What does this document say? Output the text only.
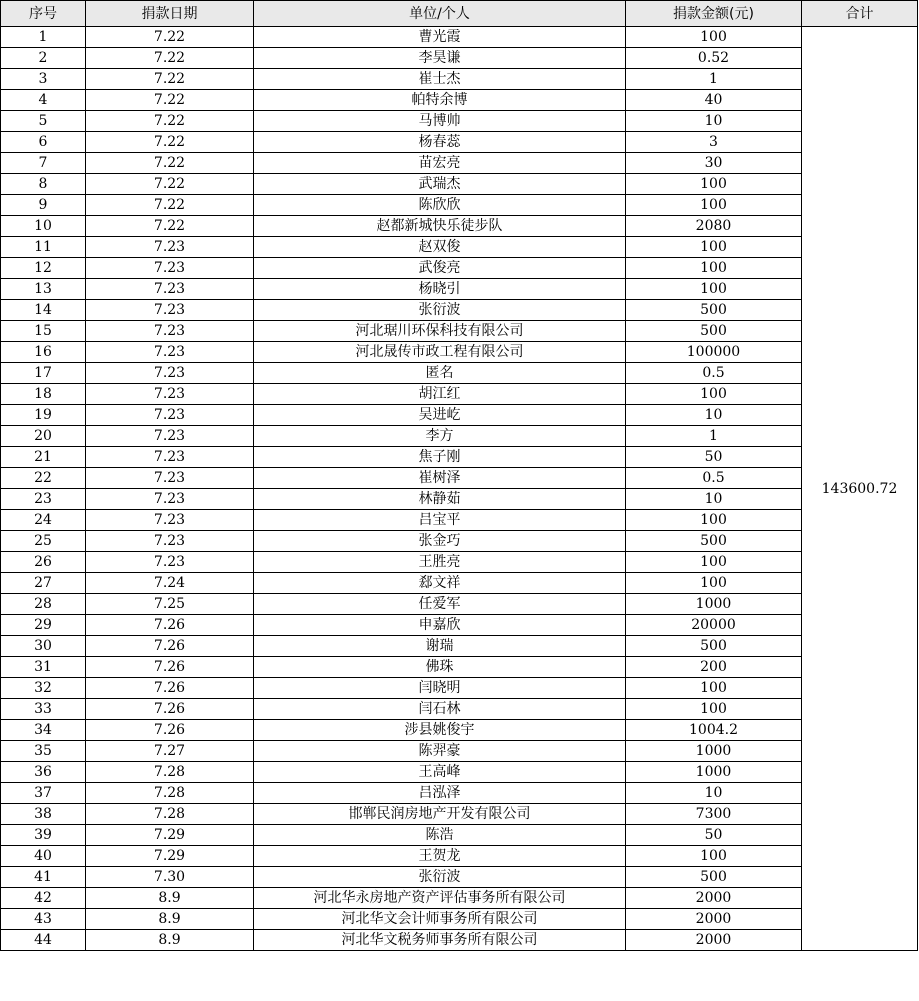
序号	捐款日期	单位/个人	捐款金额(元)	合计
1	7.22	曹光霞	100	143600.72
2	7.22	李昊谦	0.52	
3	7.22	崔士杰	1	
4	7.22	帕特余博	40	
5	7.22	马博帅	10	
6	7.22	杨春蕊	3	
7	7.22	苗宏亮	30	
8	7.22	武瑞杰	100	
9	7.22	陈欣欣	100	
10	7.22	赵都新城快乐徒步队	2080	
11	7.23	赵双俊	100	
12	7.23	武俊亮	100	
13	7.23	杨晓引	100	
14	7.23	张衍波	500	
15	7.23	河北琚川环保科技有限公司	500	
16	7.23	河北晟传市政工程有限公司	100000	
17	7.23	匿名	0.5	
18	7.23	胡江红	100	
19	7.23	吴进屹	10	
20	7.23	李方	1	
21	7.23	焦子刚	50	
22	7.23	崔树泽	0.5	
23	7.23	林静茹	10	
24	7.23	吕宝平	100	
25	7.23	张金巧	500	
26	7.23	王胜亮	100	
27	7.24	郄文祥	100	
28	7.25	任爱军	1000	
29	7.26	申嘉欣	20000	
30	7.26	谢瑞	500	
31	7.26	佛珠	200	
32	7.26	闫晓明	100	
33	7.26	闫石林	100	
34	7.26	涉县姚俊宇	1004.2	
35	7.27	陈羿豪	1000	
36	7.28	王高峰	1000	
37	7.28	吕泓泽	10	
38	7.28	邯郸民润房地产开发有限公司	7300	
39	7.29	陈浩	50	
40	7.29	王贺龙	100	
41	7.30	张衍波	500	
42	8.9	河北华永房地产资产评估事务所有限公司	2000	
43	8.9	河北华文会计师事务所有限公司	2000	
44	8.9	河北华文税务师事务所有限公司	2000	
